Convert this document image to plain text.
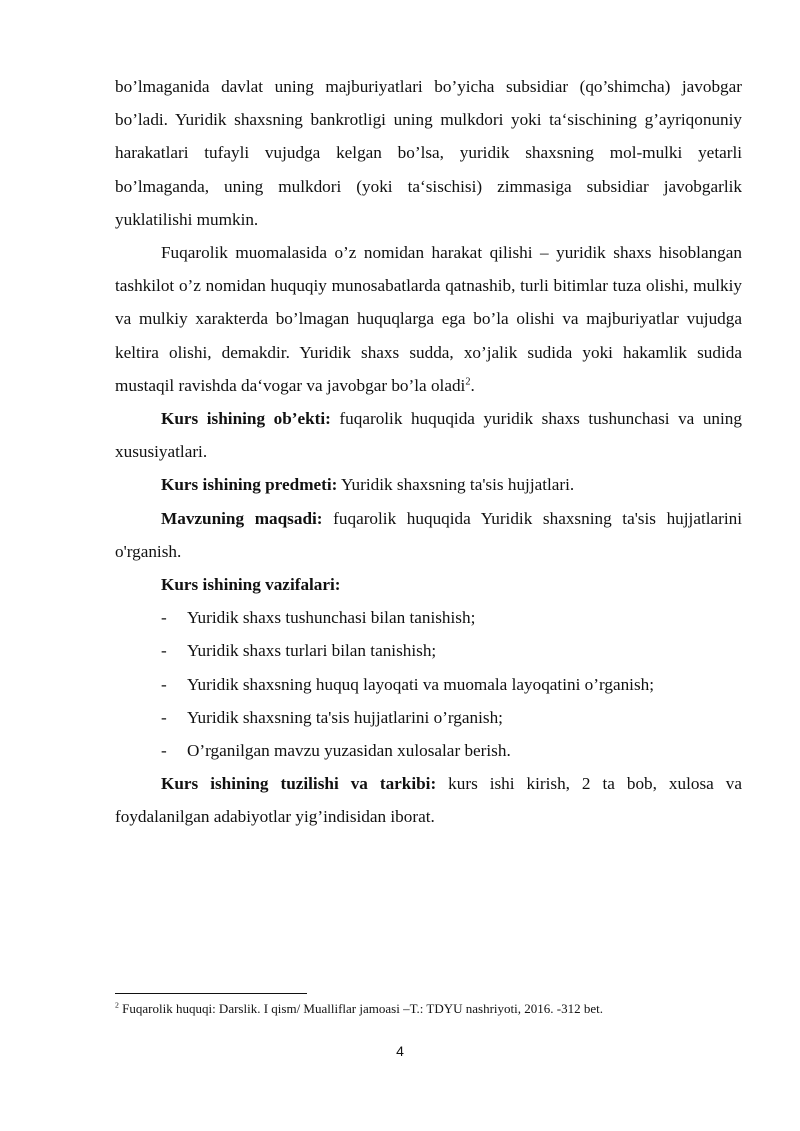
bo’lmaganida davlat uning majburiyatlari bo’yicha subsidiar (qo’shimcha) javobgar bo’ladi. Yuridik shaxsning bankrotligi uning mulkdori yoki ta‘sischining g’ayriqonuniy harakatlari tufayli vujudga kelgan bo’lsa, yuridik shaxsning mol-mulki yetarli bo’lmaganda, uning mulkdori (yoki ta‘sischisi) zimmasiga subsidiar javobgarlik yuklatilishi mumkin.

Fuqarolik muomalasida o’z nomidan harakat qilishi – yuridik shaxs hisoblangan tashkilot o’z nomidan huquqiy munosabatlarda qatnashib, turli bitimlar tuza olishi, mulkiy va mulkiy xarakterda bo’lmagan huquqlarga ega bo’la olishi va majburiyatlar vujudga keltira olishi, demakdir. Yuridik shaxs sudda, xo’jalik sudida yoki hakamlik sudida mustaqil ravishda da‘vogar va javobgar bo’la oladi$^2$.

Kurs ishining ob’ekti: fuqarolik huquqida yuridik shaxs tushunchasi va uning xususiyatlari.

Kurs ishining predmeti: Yuridik shaxsning ta'sis hujjatlari.

Mavzuning maqsadi: fuqarolik huquqida Yuridik shaxsning ta'sis hujjatlarini o'rganish.

Kurs ishining vazifalari:

-	Yuridik shaxs tushunchasi bilan tanishish;
-	Yuridik shaxs turlari bilan tanishish;
-	Yuridik shaxsning huquq layoqati va muomala layoqatini o’rganish;
-	Yuridik shaxsning ta'sis hujjatlarini o’rganish;
-	O’rganilgan mavzu yuzasidan xulosalar berish.

Kurs ishining tuzilishi va tarkibi: kurs ishi kirish, 2 ta bob, xulosa va foydalanilgan adabiyotlar yig’indisidan iborat.

$^2$ Fuqarolik huquqi: Darslik. I qism/ Mualliflar jamoasi –T.: TDYU nashriyoti, 2016. -312 bet.
4
